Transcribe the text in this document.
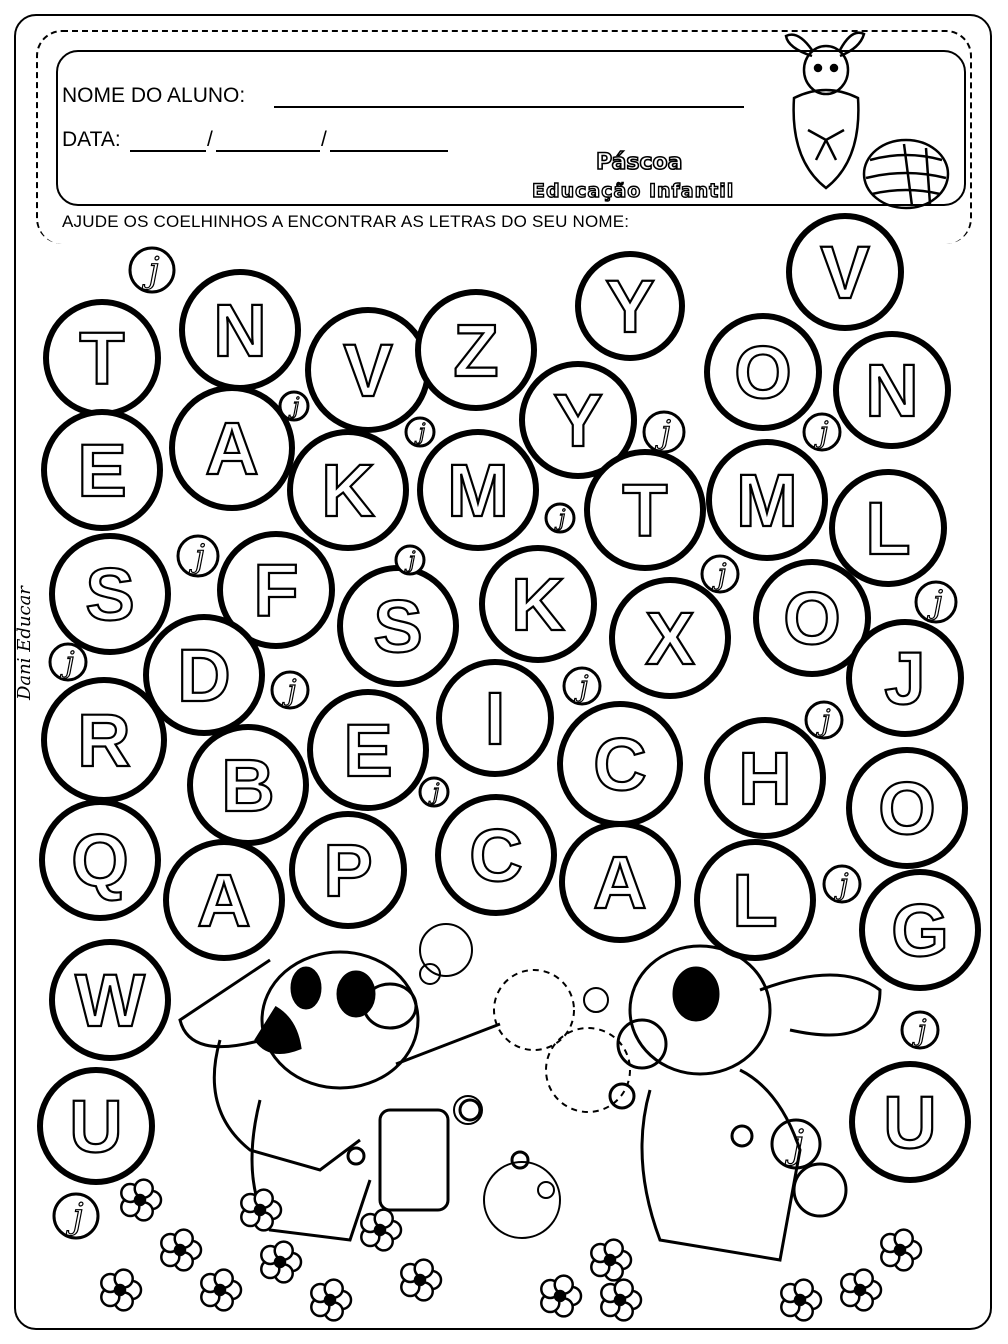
NOME DO ALUNO:
DATA:	/	/
Páscoa
Educação Infantil
AJUDE OS COELHINHOS A ENCONTRAR AS LETRAS DO SEU NOME:
Dani Educar
T N V Z
Y V
O N
E A
K M
Y
T M L
S F S K X O
D
I	J
R	E	C H
B	O
Q	P C A L
A	G
W
U	U
j
j
j	j	j
j	j
j
j
j
j
j	j
j
j
j
j
j
j
